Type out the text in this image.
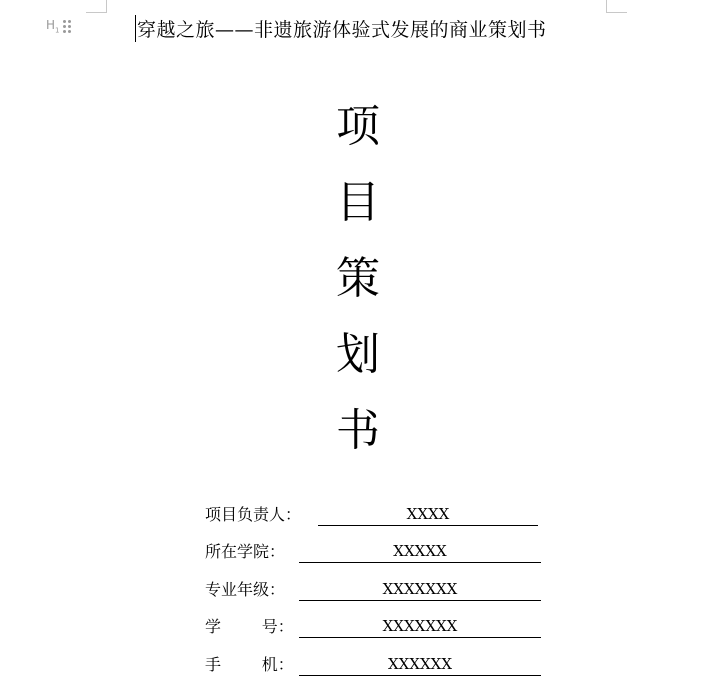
$H_1$	穿越之旅——非遗旅游体验式发展的商业策划书
项
目
策
划
书
项目负责人：	XXXX
所在学院：	XXXXX
专业年级：	XXXXXXX
学        号：	XXXXXXX
手        机：	XXXXXX
